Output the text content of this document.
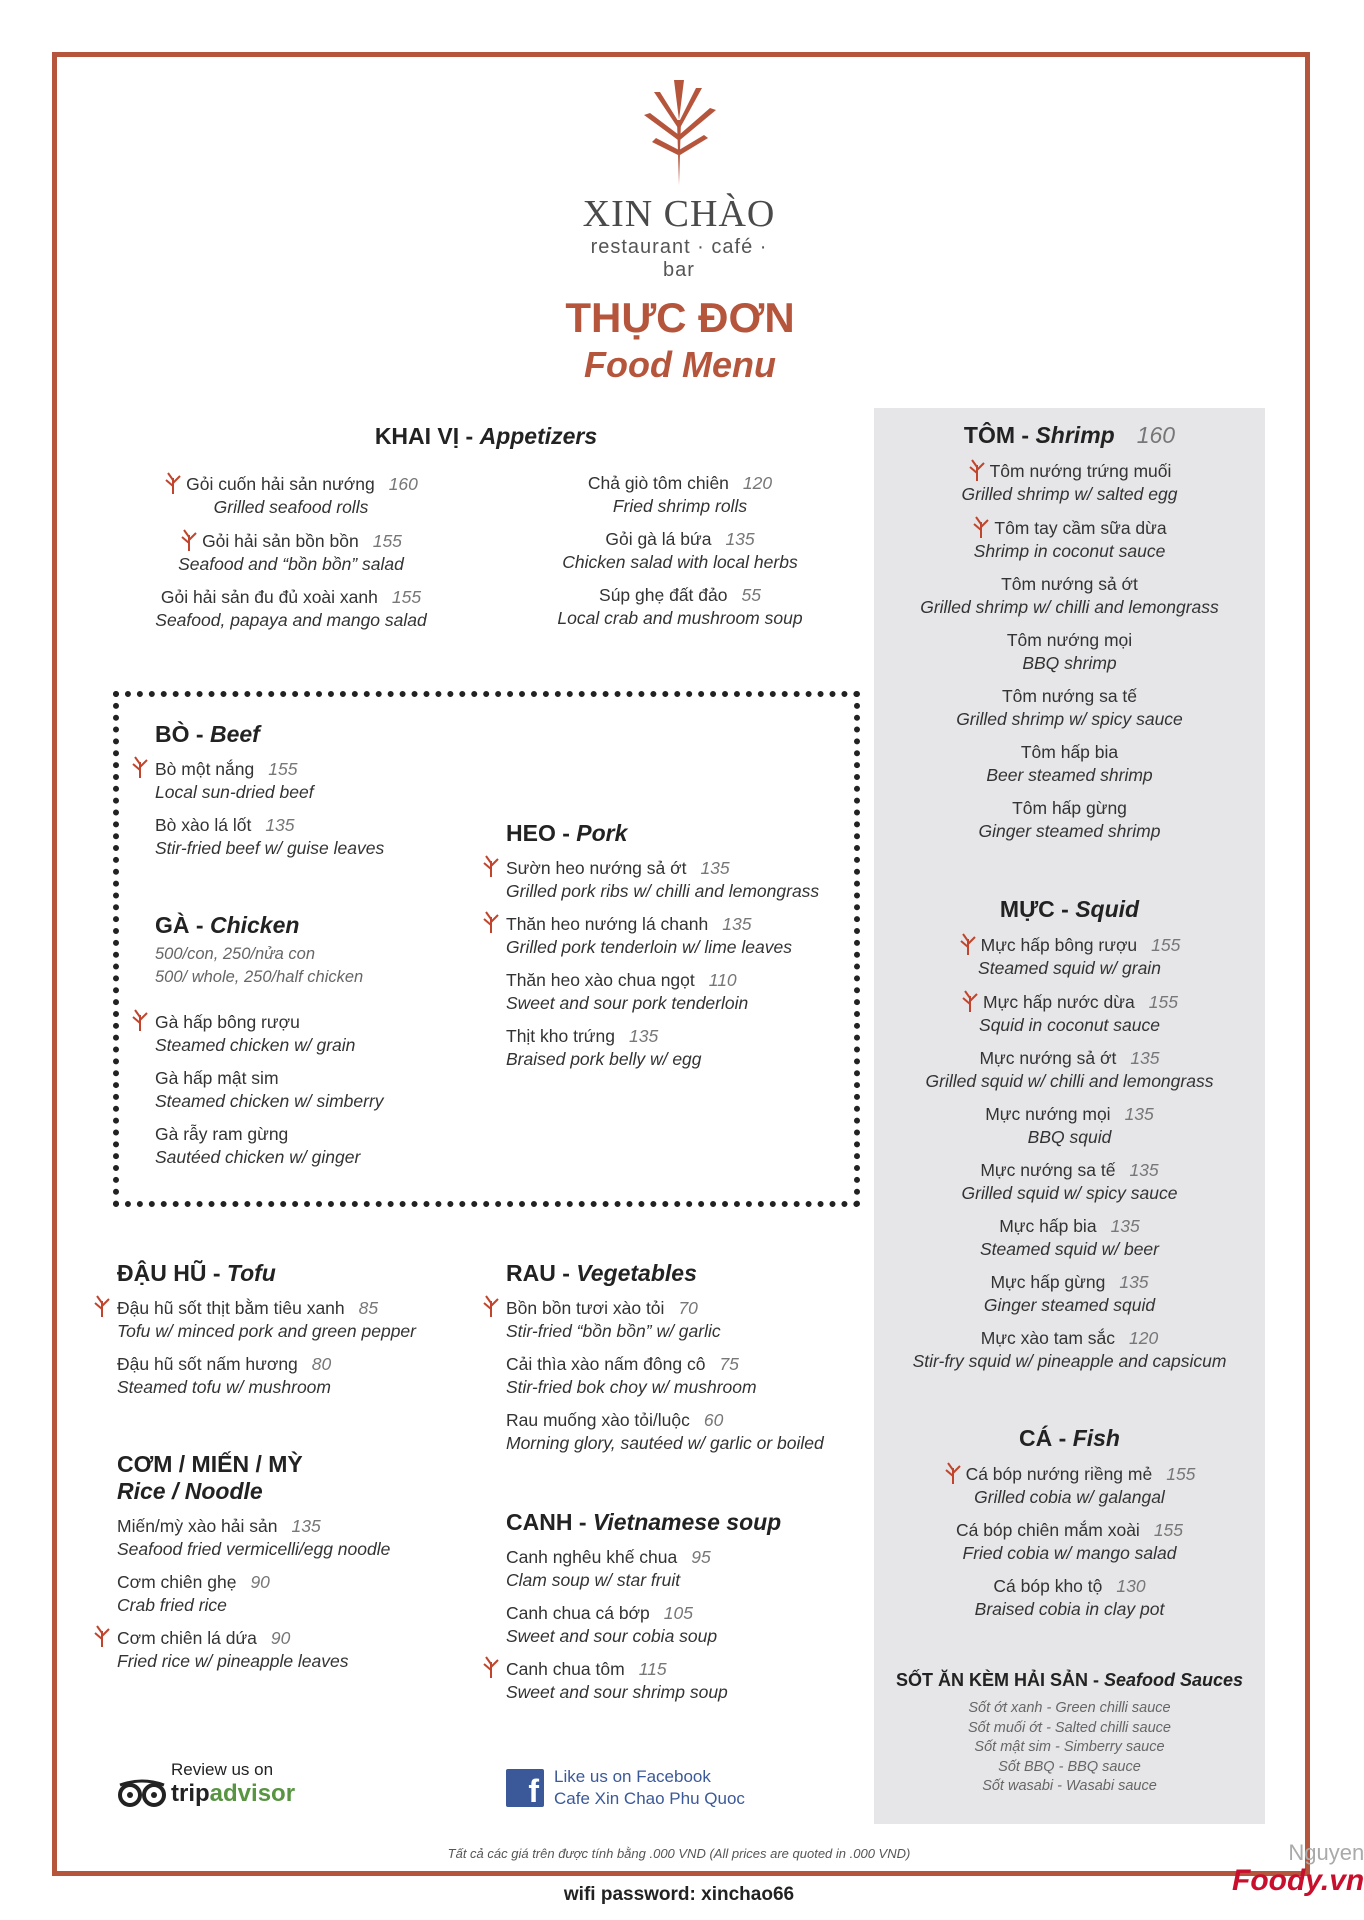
XIN CHÀO
restaurant · café · bar
THỰC ĐƠN
Food Menu
KHAI VỊ - Appetizers
Gỏi cuốn hải sản nướng 160
Grilled seafood rolls
Gỏi hải sản bồn bồn 155
Seafood and “bồn bồn” salad
Gỏi hải sản đu đủ xoài xanh 155
Seafood, papaya and mango salad
Chả giò tôm chiên 120
Fried shrimp rolls
Gỏi gà lá bứa 135
Chicken salad with local herbs
Súp ghẹ đất đảo 55
Local crab and mushroom soup
BÒ - Beef
Bò một nắng 155
Local sun-dried beef
Bò xào lá lốt 135
Stir-fried beef w/ guise leaves
GÀ - Chicken
500/con, 250/nửa con
500/ whole, 250/half chicken
Gà hấp bông rượu
Steamed chicken w/ grain
Gà hấp mật sim
Steamed chicken w/ simberry
Gà rẫy ram gừng
Sautéed chicken w/ ginger
HEO - Pork
Sườn heo nướng sả ớt 135
Grilled pork ribs w/ chilli and lemongrass
Thăn heo nướng lá chanh 135
Grilled pork tenderloin w/ lime leaves
Thăn heo xào chua ngọt 110
Sweet and sour pork tenderloin
Thịt kho trứng 135
Braised pork belly w/ egg
ĐẬU HŨ - Tofu
Đậu hũ sốt thịt bằm tiêu xanh 85
Tofu w/ minced pork and green pepper
Đậu hũ sốt nấm hương 80
Steamed tofu w/ mushroom
CƠM / MIẾN / MỲ
Rice / Noodle
Miến/mỳ xào hải sản 135
Seafood fried vermicelli/egg noodle
Cơm chiên ghẹ 90
Crab fried rice
Cơm chiên lá dứa 90
Fried rice w/ pineapple leaves
RAU - Vegetables
Bồn bồn tươi xào tỏi 70
Stir-fried “bồn bồn” w/ garlic
Cải thìa xào nấm đông cô 75
Stir-fried bok choy w/ mushroom
Rau muống xào tỏi/luộc 60
Morning glory, sautéed w/ garlic or boiled
CANH - Vietnamese soup
Canh nghêu khế chua 95
Clam soup w/ star fruit
Canh chua cá bớp 105
Sweet and sour cobia soup
Canh chua tôm 115
Sweet and sour shrimp soup
TÔM - Shrimp 160
Tôm nướng trứng muối
Grilled shrimp w/ salted egg
Tôm tay cầm sữa dừa
Shrimp in coconut sauce
Tôm nướng sả ớt
Grilled shrimp w/ chilli and lemongrass
Tôm nướng mọi
BBQ shrimp
Tôm nướng sa tế
Grilled shrimp w/ spicy sauce
Tôm hấp bia
Beer steamed shrimp
Tôm hấp gừng
Ginger steamed shrimp
MỰC - Squid
Mực hấp bông rượu 155
Steamed squid w/ grain
Mực hấp nước dừa 155
Squid in coconut sauce
Mực nướng sả ớt 135
Grilled squid w/ chilli and lemongrass
Mực nướng mọi 135
BBQ squid
Mực nướng sa tế 135
Grilled squid w/ spicy sauce
Mực hấp bia 135
Steamed squid w/ beer
Mực hấp gừng 135
Ginger steamed squid
Mực xào tam sắc 120
Stir-fry squid w/ pineapple and capsicum
CÁ - Fish
Cá bóp nướng riềng mẻ 155
Grilled cobia w/ galangal
Cá bóp chiên mắm xoài 155
Fried cobia w/ mango salad
Cá bóp kho tộ 130
Braised cobia in clay pot
SỐT ĂN KÈM HẢI SẢN - Seafood Sauces
Sốt ớt xanh - Green chilli sauce
Sốt muối ớt - Salted chilli sauce
Sốt mật sim - Simberry sauce
Sốt BBQ - BBQ sauce
Sốt wasabi - Wasabi sauce
Review us on
tripadvisor	f Like us on Facebook
Cafe Xin Chao Phu Quoc
Tất cả các giá trên được tính bằng .000 VND (All prices are quoted in .000 VND)
wifi password: xinchao66
Nguyen
Foody.vn
